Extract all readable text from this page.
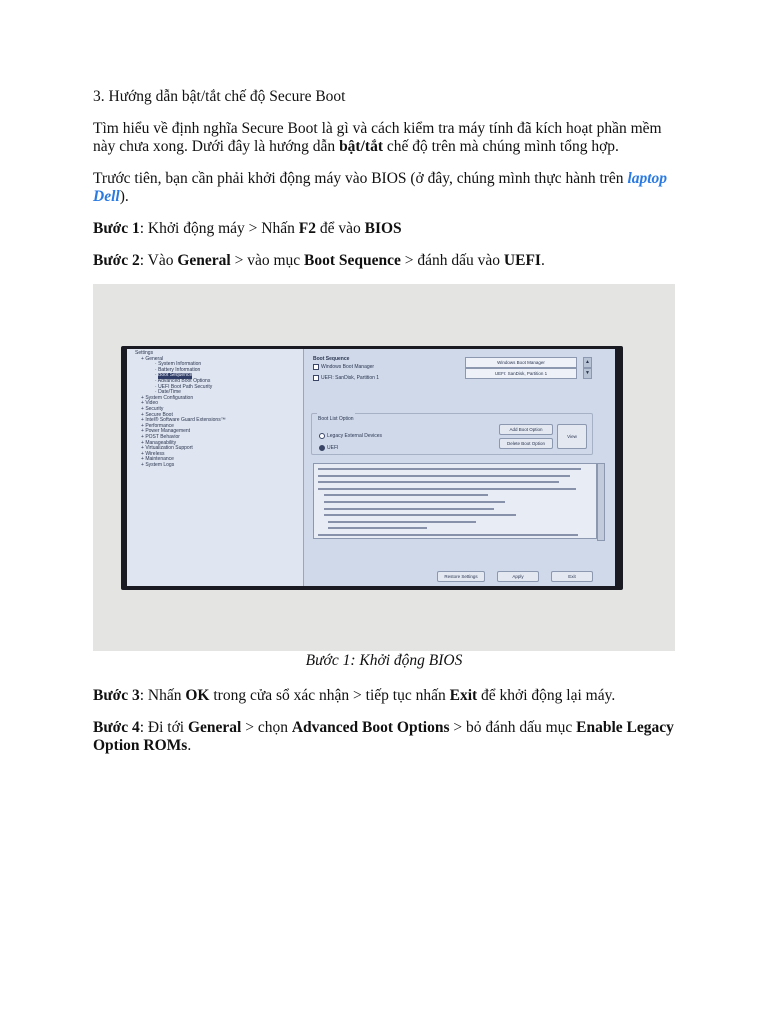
3. Hướng dẫn bật/tắt chế độ Secure Boot

Tìm hiểu về định nghĩa Secure Boot là gì và cách kiểm tra máy tính đã kích hoạt phần mềm này chưa xong. Dưới đây là hướng dẫn bật/tắt chế độ trên mà chúng mình tổng hợp.

Trước tiên, bạn cần phải khởi động máy vào BIOS (ở đây, chúng mình thực hành trên laptop Dell).

Bước 1: Khởi động máy > Nhấn F2 để vào BIOS

Bước 2: Vào General > vào mục Boot Sequence > đánh dấu vào UEFI.

Settings
+ General
· System Information
· Battery Information
· Boot Sequence
· Advanced Boot Options
· UEFI Boot Path Security
· Date/Time
+ System Configuration
+ Video
+ Security
+ Secure Boot
+ Intel® Software Guard Extensions™
+ Performance
+ Power Management
+ POST Behavior
+ Manageability
+ Virtualization Support
+ Wireless
+ Maintenance
+ System Logs
Boot Sequence
Windows Boot Manager
UEFI: SanDisk, Partition 1
Windows Boot Manager
UEFI: SanDisk, Partition 1
▲
▼
Boot List Option
Legacy External Devices
UEFI
Add Boot Option
Delete Boot Option
View
Restore Settings	Apply	Exit

Bước 1: Khởi động BIOS

Bước 3: Nhấn OK trong cửa sổ xác nhận > tiếp tục nhấn Exit để khởi động lại máy.

Bước 4: Đi tới General > chọn Advanced Boot Options > bỏ đánh dấu mục Enable Legacy Option ROMs.
